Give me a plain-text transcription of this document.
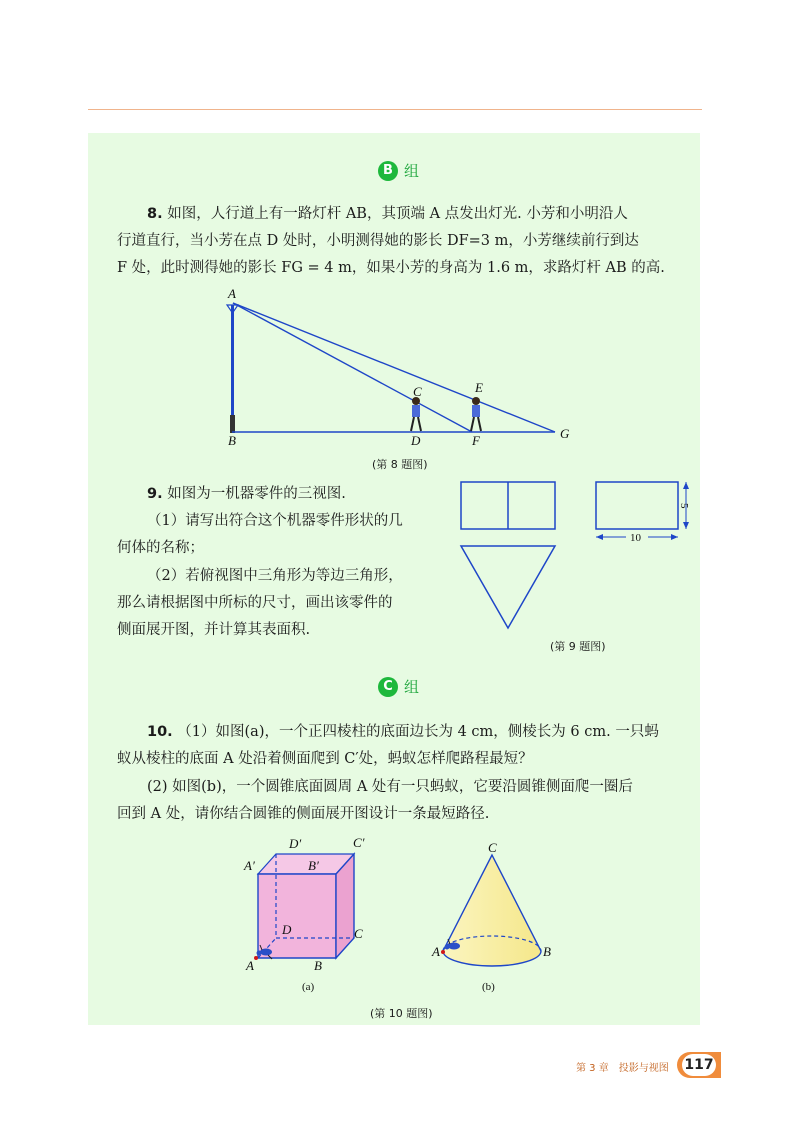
B 组
8. 如图，人行道上有一路灯杆 AB，其顶端 A 点发出灯光. 小芳和小明沿人
行道直行，当小芳在点 D 处时，小明测得她的影长 DF=3 m，小芳继续前行到达
F 处，此时测得她的影长 FG = 4 m，如果小芳的身高为 1.6 m，求路灯杆 AB 的高.
A
B
C
D
E
F	G
(第 8 题图)
9. 如图为一机器零件的三视图.
（1）请写出符合这个机器零件形状的几
何体的名称；
（2）若俯视图中三角形为等边三角形，
那么请根据图中所标的尺寸，画出该零件的
侧面展开图，并计算其表面积.
5
10
(第 9 题图)
C 组
10. （1）如图(a)，一个正四棱柱的底面边长为 4 cm，侧棱长为 6 cm. 一只蚂
蚁从棱柱的底面 A 处沿着侧面爬到 C′处，蚂蚁怎样爬路程最短？
(2) 如图(b)，一个圆锥底面圆周 A 处有一只蚂蚁，它要沿圆锥侧面爬一圈后
回到 A 处，请你结合圆锥的侧面展开图设计一条最短路径.
A′	B′
C′
D′
D	C
A	B
(a)
C
A	B
(b)
(第 10 题图)
第 3 章　投影与视图 117
